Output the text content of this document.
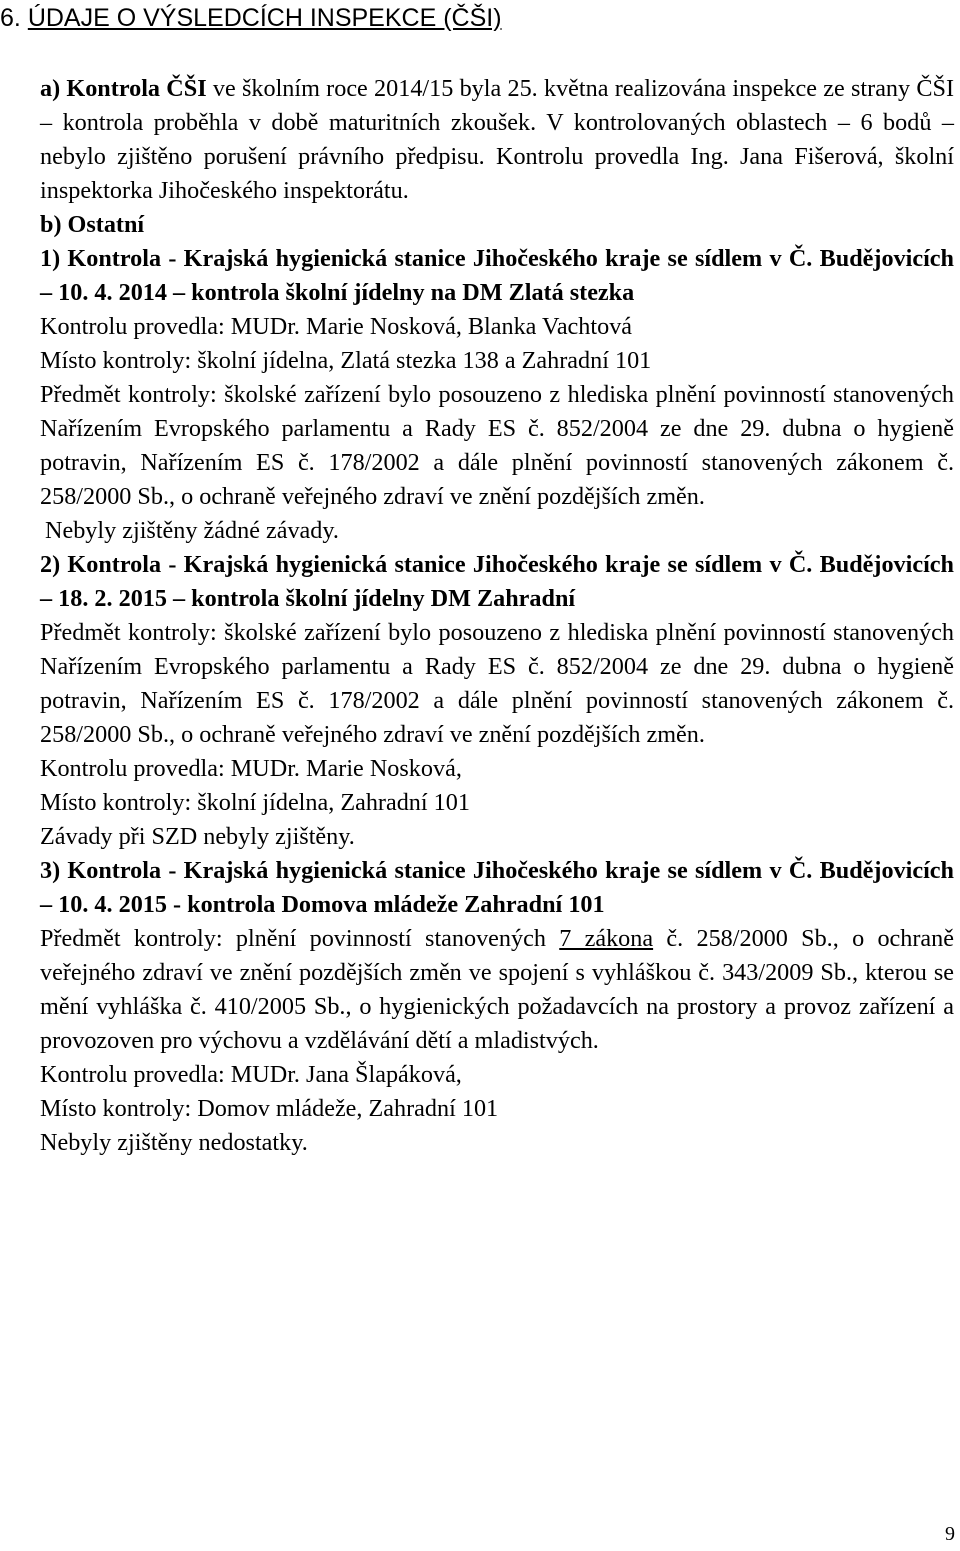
6. ÚDAJE O VÝSLEDCÍCH INSPEKCE (ČŠI)

a) Kontrola ČŠI ve školním roce 2014/15 byla 25. května realizována inspekce ze strany ČŠI – kontrola proběhla v době maturitních zkoušek. V kontrolovaných oblastech – 6 bodů – nebylo zjištěno porušení právního předpisu. Kontrolu provedla Ing. Jana Fišerová, školní inspektorka Jihočeského inspektorátu.

b) Ostatní

1) Kontrola - Krajská hygienická stanice Jihočeského kraje se sídlem v Č. Budějovicích – 10. 4. 2014 – kontrola školní jídelny na DM Zlatá stezka

Kontrolu provedla: MUDr. Marie Nosková, Blanka Vachtová

Místo kontroly: školní jídelna, Zlatá stezka 138 a Zahradní 101

Předmět kontroly: školské zařízení bylo posouzeno z hlediska plnění povinností stanovených Nařízením Evropského parlamentu a Rady ES č. 852/2004 ze dne 29. dubna o hygieně potravin, Nařízením ES č. 178/2002 a dále plnění povinností stanovených zákonem č. 258/2000 Sb., o ochraně veřejného zdraví ve znění pozdějších změn.

Nebyly zjištěny žádné závady.

2) Kontrola - Krajská hygienická stanice Jihočeského kraje se sídlem v Č. Budějovicích – 18. 2. 2015 – kontrola školní jídelny DM Zahradní

Předmět kontroly: školské zařízení bylo posouzeno z hlediska plnění povinností stanovených Nařízením Evropského parlamentu a Rady ES č. 852/2004 ze dne 29. dubna o hygieně potravin, Nařízením ES č. 178/2002 a dále plnění povinností stanovených zákonem č. 258/2000 Sb., o ochraně veřejného zdraví ve znění pozdějších změn.

Kontrolu provedla: MUDr. Marie Nosková,

Místo kontroly: školní jídelna, Zahradní 101

Závady při SZD nebyly zjištěny.

3) Kontrola - Krajská hygienická stanice Jihočeského kraje se sídlem v Č. Budějovicích – 10. 4. 2015 - kontrola Domova mládeže Zahradní 101

Předmět kontroly: plnění povinností stanovených 7 zákona č. 258/2000 Sb., o ochraně veřejného zdraví ve znění pozdějších změn ve spojení s vyhláškou č. 343/2009 Sb., kterou se mění vyhláška č. 410/2005 Sb., o hygienických požadavcích na prostory a provoz zařízení a provozoven pro výchovu a vzdělávání dětí a mladistvých.

Kontrolu provedla: MUDr. Jana Šlapáková,

Místo kontroly: Domov mládeže, Zahradní 101

Nebyly zjištěny nedostatky.

9
